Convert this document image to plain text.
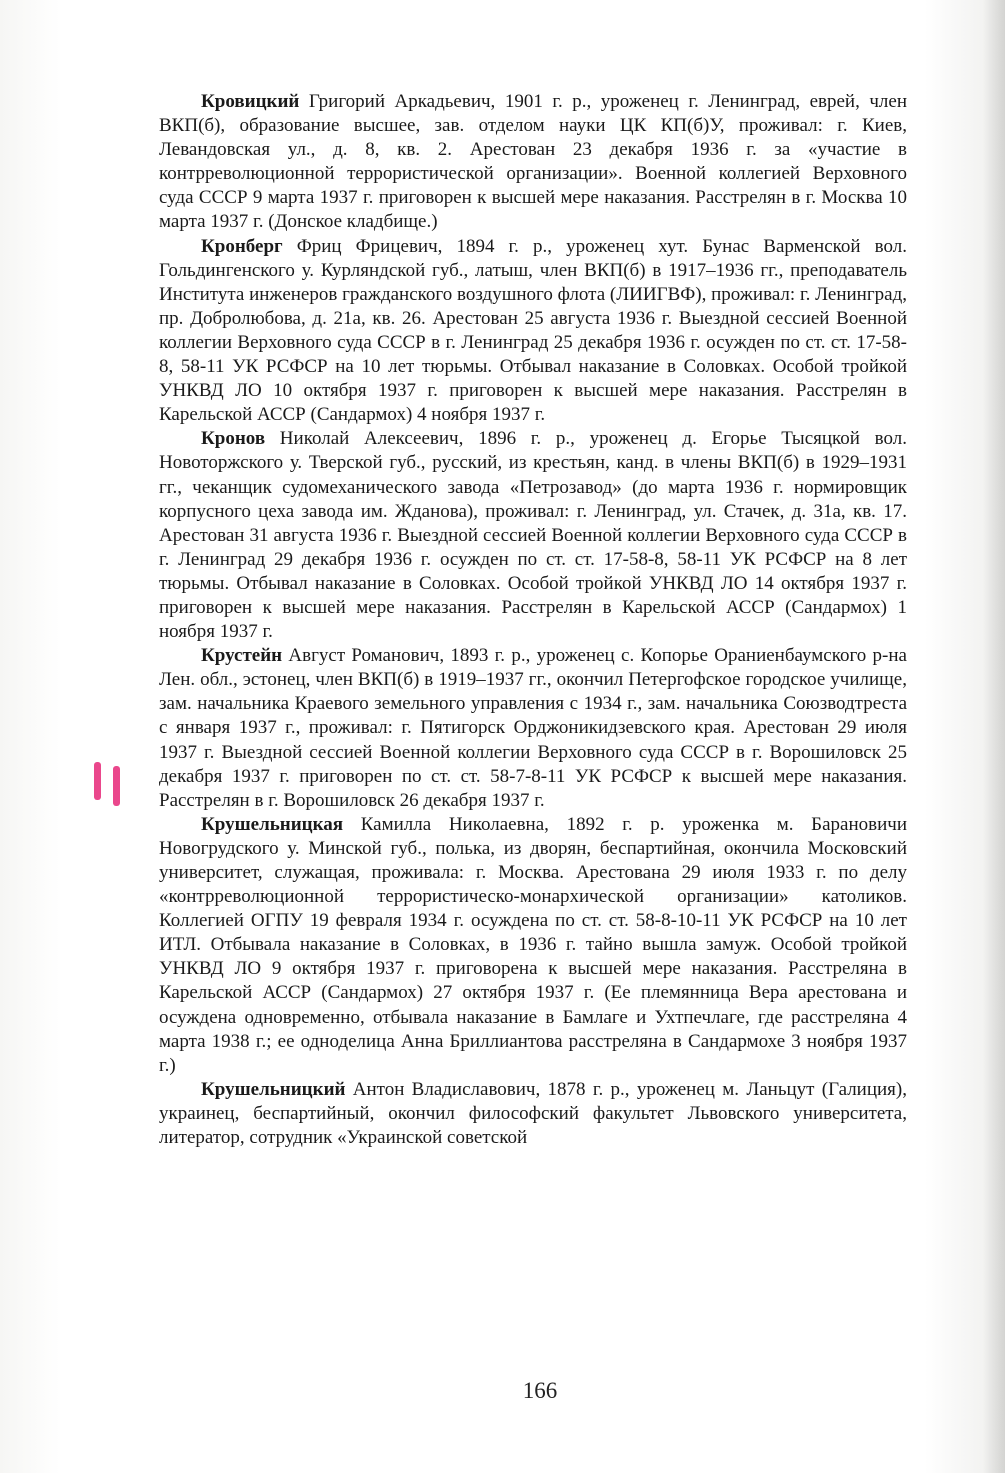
Кровицкий Григорий Аркадьевич, 1901 г. р., уроженец г. Ленинград, еврей, член ВКП(б), образование высшее, зав. отделом науки ЦК КП(б)У, проживал: г. Киев, Левандовская ул., д. 8, кв. 2. Арестован 23 декабря 1936 г. за «участие в контрреволюционной террористической организации». Военной коллегией Верховного суда СССР 9 марта 1937 г. приговорен к высшей мере наказания. Расстрелян в г. Москва 10 марта 1937 г. (Донское кладбище.)

Кронберг Фриц Фрицевич, 1894 г. р., уроженец хут. Бунас Варменской вол. Гольдингенского у. Курляндской губ., латыш, член ВКП(б) в 1917–1936 гг., преподаватель Института инженеров гражданского воздушного флота (ЛИИГВФ), проживал: г. Ленинград, пр. Добролюбова, д. 21а, кв. 26. Арестован 25 августа 1936 г. Выездной сессией Военной коллегии Верховного суда СССР в г. Ленинград 25 декабря 1936 г. осужден по ст. ст. 17-58-8, 58-11 УК РСФСР на 10 лет тюрьмы. Отбывал наказание в Соловках. Особой тройкой УНКВД ЛО 10 октября 1937 г. приговорен к высшей мере наказания. Расстрелян в Карельской АССР (Сандармох) 4 ноября 1937 г.

Кронов Николай Алексеевич, 1896 г. р., уроженец д. Егорье Тысяцкой вол. Новоторжского у. Тверской губ., русский, из крестьян, канд. в члены ВКП(б) в 1929–1931 гг., чеканщик судомеханического завода «Петрозавод» (до марта 1936 г. нормировщик корпусного цеха завода им. Жданова), проживал: г. Ленинград, ул. Стачек, д. 31а, кв. 17. Арестован 31 августа 1936 г. Выездной сессией Военной коллегии Верховного суда СССР в г. Ленинград 29 декабря 1936 г. осужден по ст. ст. 17-58-8, 58-11 УК РСФСР на 8 лет тюрьмы. Отбывал наказание в Соловках. Особой тройкой УНКВД ЛО 14 октября 1937 г. приговорен к высшей мере наказания. Расстрелян в Карельской АССР (Сандармох) 1 ноября 1937 г.

Крустейн Август Романович, 1893 г. р., уроженец с. Копорье Ораниенбаумского р-на Лен. обл., эстонец, член ВКП(б) в 1919–1937 гг., окончил Петергофское городское училище, зам. начальника Краевого земельного управления с 1934 г., зам. начальника Союзводтреста с января 1937 г., проживал: г. Пятигорск Орджоникидзевского края. Арестован 29 июля 1937 г. Выездной сессией Военной коллегии Верховного суда СССР в г. Ворошиловск 25 декабря 1937 г. приговорен по ст. ст. 58-7-8-11 УК РСФСР к высшей мере наказания. Расстрелян в г. Ворошиловск 26 декабря 1937 г.

Крушельницкая Камилла Николаевна, 1892 г. р. уроженка м. Барановичи Новогрудского у. Минской губ., полька, из дворян, беспартийная, окончила Московский университет, служащая, проживала: г. Москва. Арестована 29 июля 1933 г. по делу «контрреволюционной террористическо-монархической организации» католиков. Коллегией ОГПУ 19 февраля 1934 г. осуждена по ст. ст. 58-8-10-11 УК РСФСР на 10 лет ИТЛ. Отбывала наказание в Соловках, в 1936 г. тайно вышла замуж. Особой тройкой УНКВД ЛО 9 октября 1937 г. приговорена к высшей мере наказания. Расстреляна в Карельской АССР (Сандармох) 27 октября 1937 г. (Ее племянница Вера арестована и осуждена одновременно, отбывала наказание в Бамлаге и Ухтпечлаге, где расстреляна 4 марта 1938 г.; ее одноделица Анна Бриллиантова расстреляна в Сандармохе 3 ноября 1937 г.)

Крушельницкий Антон Владиславович, 1878 г. р., уроженец м. Ланьцут (Галиция), украинец, беспартийный, окончил философский факультет Львовского университета, литератор, сотрудник «Украинской советской

166
